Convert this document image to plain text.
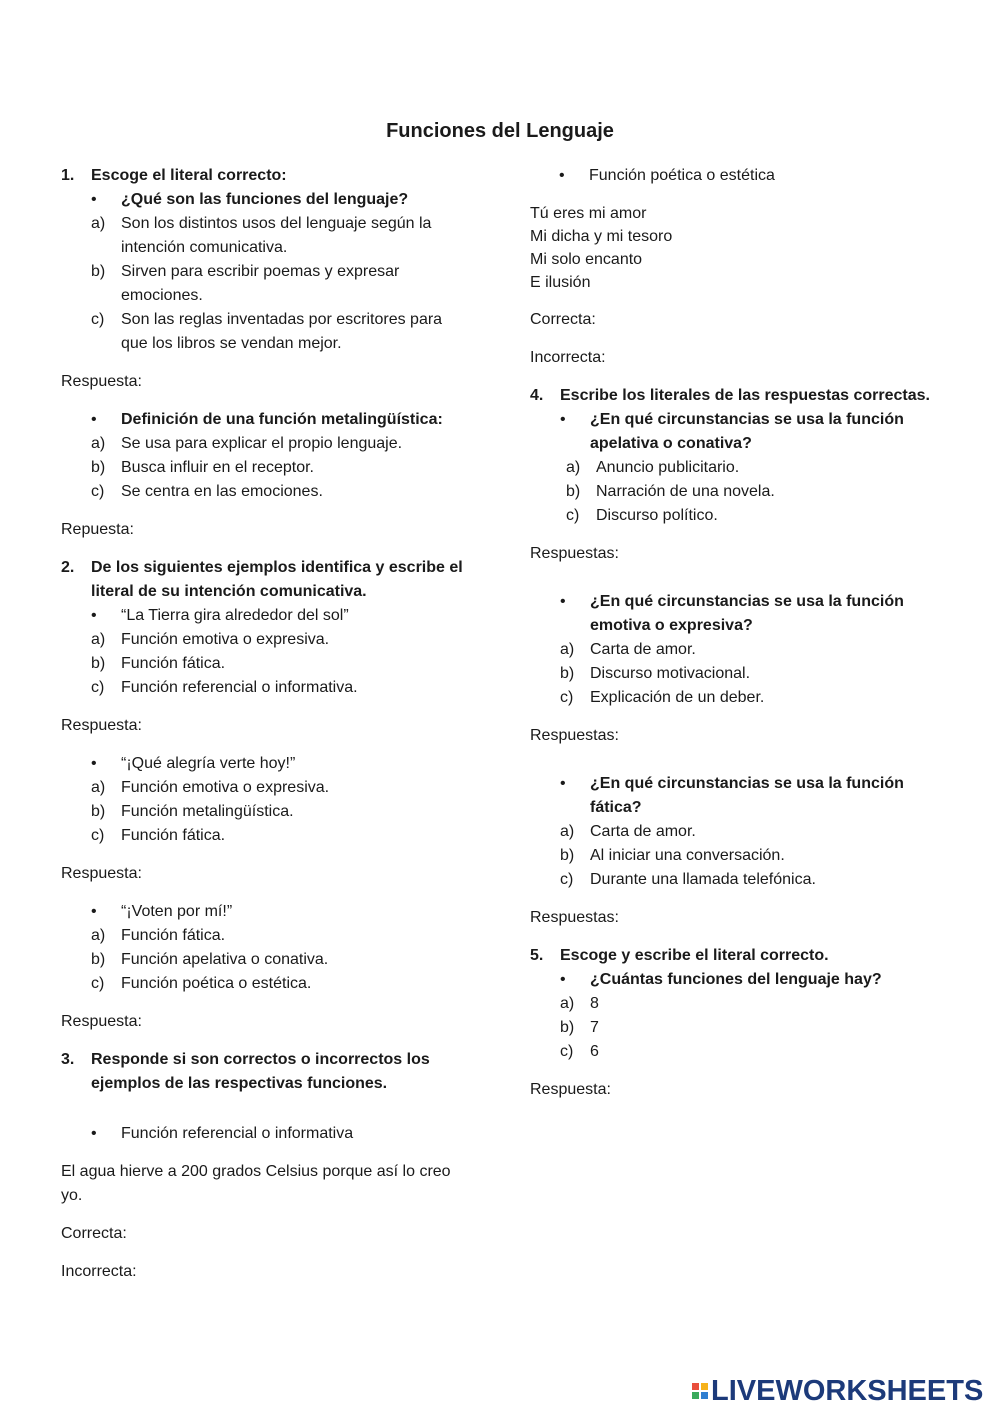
Funciones del Lenguaje
1.	Escoge el literal correcto:
•	¿Qué son las funciones del lenguaje?
a) Son los distintos usos del lenguaje según la intención comunicativa.
b) Sirven para escribir poemas y expresar emociones.
c)	Son las reglas inventadas por escritores para que los libros se vendan mejor.
Respuesta:
•	Definición de una función metalingüística:
a) Se usa para explicar el propio lenguaje.
b) Busca influir en el receptor.
c)	Se centra en las emociones.
Repuesta:
2.	De los siguientes ejemplos identifica y escribe el literal de su intención comunicativa.
•	“La Tierra gira alrededor del sol”
a) Función emotiva o expresiva.
b) Función fática.
c)	Función referencial o informativa.
Respuesta:
•	“¡Qué alegría verte hoy!”
a) Función emotiva o expresiva.
b) Función metalingüística.
c)	Función fática.
Respuesta:
•	“¡Voten por mí!”
a) Función fática.
b) Función apelativa o conativa.
c)	Función poética o estética.
Respuesta:
3.	Responde si son correctos o incorrectos los ejemplos de las respectivas funciones.
•	Función referencial o informativa
El agua hierve a 200 grados Celsius porque así lo creo yo.
Correcta:
Incorrecta:
•	Función poética o estética
Tú eres mi amor
Mi dicha y mi tesoro
Mi solo encanto
E ilusión
Correcta:
Incorrecta:
4.	Escribe los literales de las respuestas correctas.
•	¿En qué circunstancias se usa la función apelativa o conativa?
a) Anuncio publicitario.
b) Narración de una novela.
c)	Discurso político.
Respuestas:
•	¿En qué circunstancias se usa la función emotiva o expresiva?
a) Carta de amor.
b) Discurso motivacional.
c)	Explicación de un deber.
Respuestas:
•	¿En qué circunstancias se usa la función fática?
a) Carta de amor.
b) Al iniciar una conversación.
c)	Durante una llamada telefónica.
Respuestas:
5.	Escoge y escribe el literal correcto.
•	¿Cuántas funciones del lenguaje hay?
a) 8
b) 7
c)	6
Respuesta:
LIVEWORKSHEETS
